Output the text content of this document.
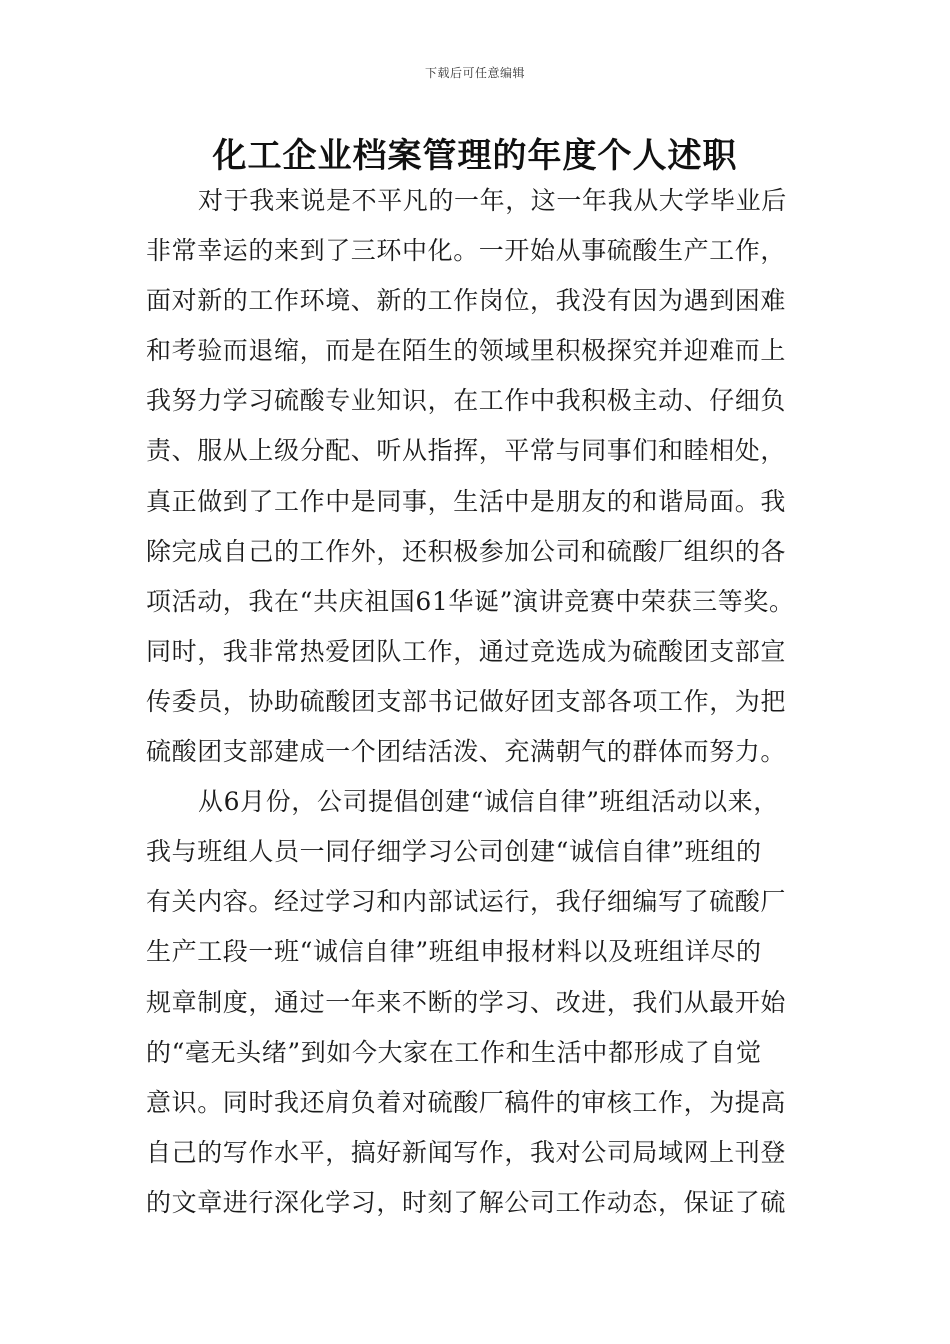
下载后可任意编辑
化工企业档案管理的年度个人述职
对于我来说是不平凡的一年，这一年我从大学毕业后
非常幸运的来到了三环中化。一开始从事硫酸生产工作，
面对新的工作环境、新的工作岗位，我没有因为遇到困难
和考验而退缩，而是在陌生的领域里积极探究并迎难而上
我努力学习硫酸专业知识，在工作中我积极主动、仔细负
责、服从上级分配、听从指挥，平常与同事们和睦相处，
真正做到了工作中是同事，生活中是朋友的和谐局面。我
除完成自己的工作外，还积极参加公司和硫酸厂组织的各
项活动，我在“共庆祖国61华诞”演讲竞赛中荣获三等奖。
同时，我非常热爱团队工作，通过竞选成为硫酸团支部宣
传委员，协助硫酸团支部书记做好团支部各项工作，为把
硫酸团支部建成一个团结活泼、充满朝气的群体而努力。
从6月份，公司提倡创建“诚信自律”班组活动以来，
我与班组人员一同仔细学习公司创建“诚信自律”班组的
有关内容。经过学习和内部试运行，我仔细编写了硫酸厂
生产工段一班“诚信自律”班组申报材料以及班组详尽的
规章制度，通过一年来不断的学习、改进，我们从最开始
的“毫无头绪”到如今大家在工作和生活中都形成了自觉
意识。同时我还肩负着对硫酸厂稿件的审核工作，为提高
自己的写作水平，搞好新闻写作，我对公司局域网上刊登
的文章进行深化学习，时刻了解公司工作动态，保证了硫
